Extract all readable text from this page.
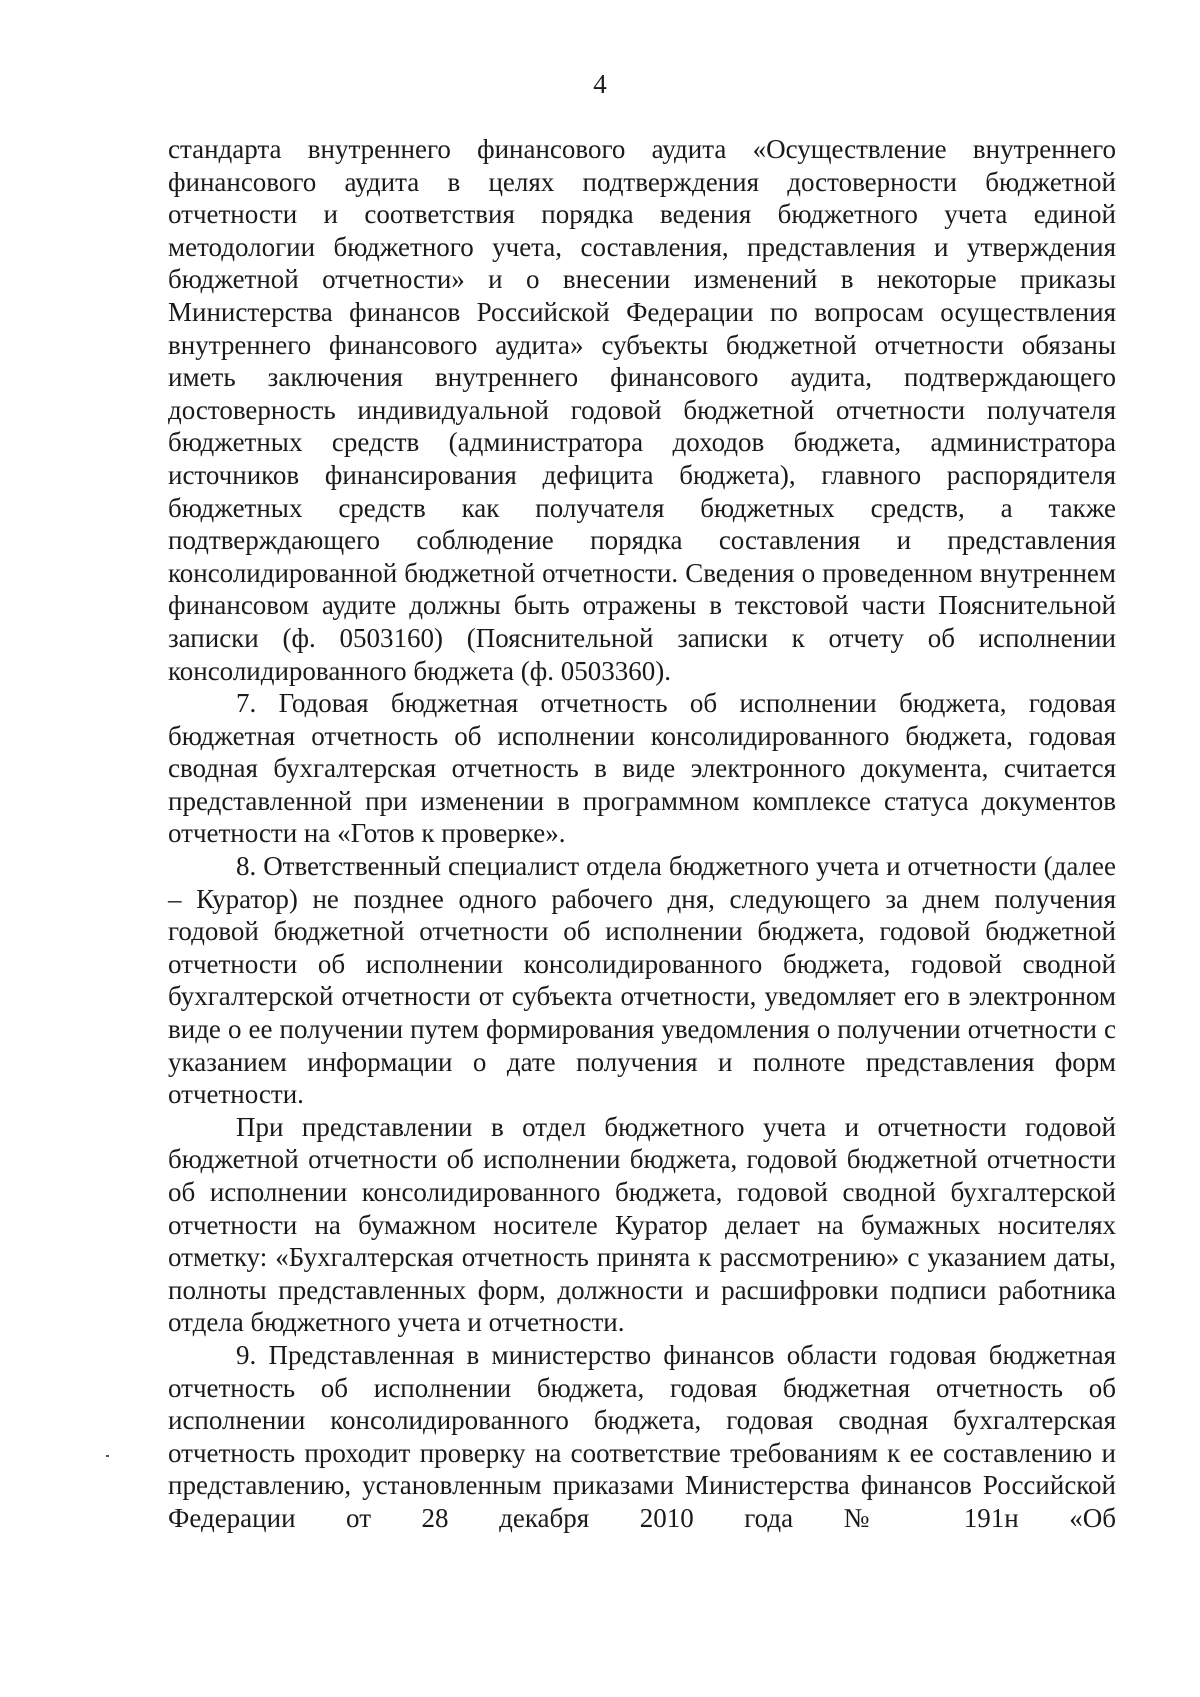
4

стандарта внутреннего финансового аудита «Осуществление внутреннего финансового аудита в целях подтверждения достоверности бюджетной отчетности и соответствия порядка ведения бюджетного учета единой методологии бюджетного учета, составления, представления и утверждения бюджетной отчетности» и о внесении изменений в некоторые приказы Министерства финансов Российской Федерации по вопросам осуществления внутреннего финансового аудита» субъекты бюджетной отчетности обязаны иметь заключения внутреннего финансового аудита, подтверждающего достоверность индивидуальной годовой бюджетной отчетности получателя бюджетных средств (администратора доходов бюджета, администратора источников финансирования дефицита бюджета), главного распорядителя бюджетных средств как получателя бюджетных средств, а также подтверждающего соблюдение порядка составления и представления консолидированной бюджетной отчетности. Сведения о проведенном внутреннем финансовом аудите должны быть отражены в текстовой части Пояснительной записки (ф. 0503160) (Пояснительной записки к отчету об исполнении консолидированного бюджета (ф. 0503360).

7. Годовая бюджетная отчетность об исполнении бюджета, годовая бюджетная отчетность об исполнении консолидированного бюджета, годовая сводная бухгалтерская отчетность в виде электронного документа, считается представленной при изменении в программном комплексе статуса документов отчетности на «Готов к проверке».

8. Ответственный специалист отдела бюджетного учета и отчетности (далее – Куратор) не позднее одного рабочего дня, следующего за днем получения годовой бюджетной отчетности об исполнении бюджета, годовой бюджетной отчетности об исполнении консолидированного бюджета, годовой сводной бухгалтерской отчетности от субъекта отчетности, уведомляет его в электронном виде о ее получении путем формирования уведомления о получении отчетности с указанием информации о дате получения и полноте представления форм отчетности.

При представлении в отдел бюджетного учета и отчетности годовой бюджетной отчетности об исполнении бюджета, годовой бюджетной отчетности об исполнении консолидированного бюджета, годовой сводной бухгалтерской отчетности на бумажном носителе Куратор делает на бумажных носителях отметку: «Бухгалтерская отчетность принята к рассмотрению» с указанием даты, полноты представленных форм, должности и расшифровки подписи работника отдела бюджетного учета и отчетности.

9. Представленная в министерство финансов области годовая бюджетная отчетность об исполнении бюджета, годовая бюджетная отчетность об исполнении консолидированного бюджета, годовая сводная бухгалтерская отчетность проходит проверку на соответствие требованиям к ее составлению и представлению, установленным приказами Министерства финансов Российской Федерации от 28 декабря 2010 года № 191н «Об
